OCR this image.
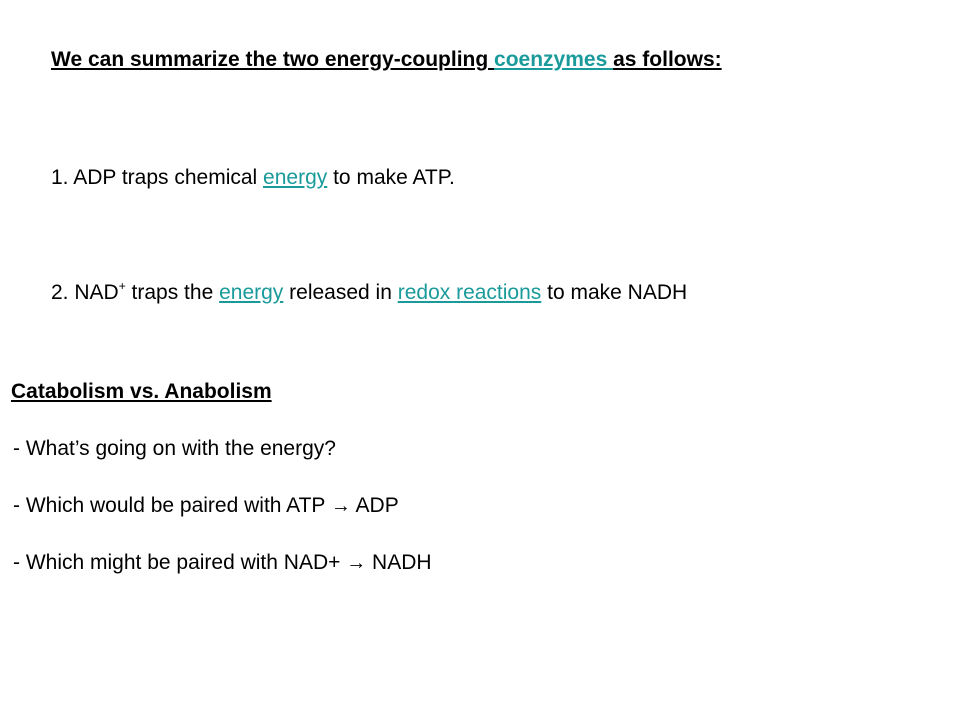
We can summarize the two energy-coupling coenzymes as follows:
1. ADP traps chemical energy to make ATP.
2. NAD+ traps the energy released in redox reactions to make NADH
Catabolism vs. Anabolism
- What’s going on with the energy?
- Which would be paired with ATP → ADP
- Which might be paired with NAD+ → NADH
